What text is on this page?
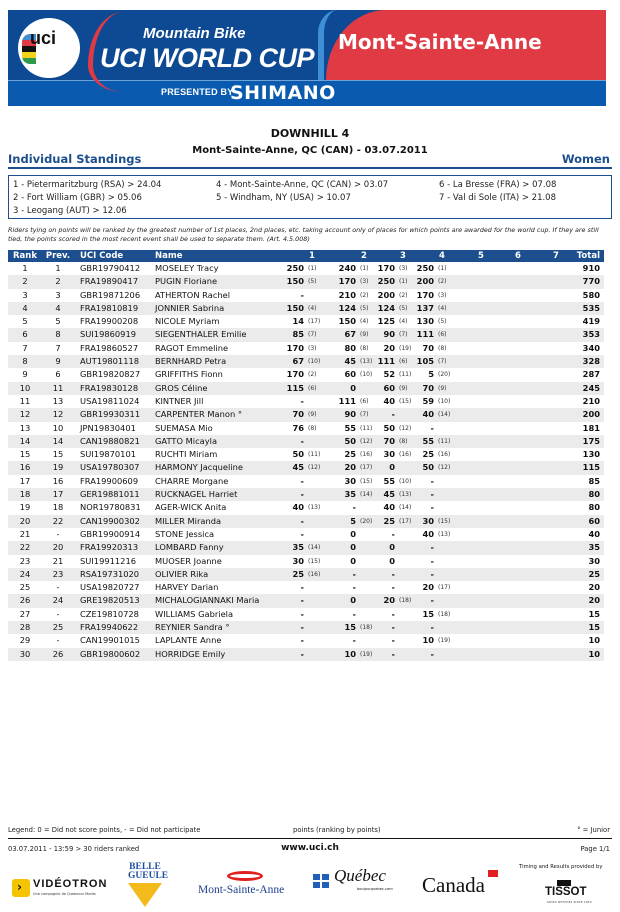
uci	Mountain Bike
UCI WORLD CUP
Mont-Sainte-Anne
PRESENTED BY
SHIMANO
DOWNHILL 4
Mont-Sainte-Anne, QC (CAN) - 03.07.2011
Individual Standings	Women
1 - Pietermaritzburg (RSA) > 24.04
2 - Fort William (GBR) > 05.06
3 - Leogang (AUT) > 12.06
4 - Mont-Sainte-Anne, QC (CAN) > 03.07
5 - Windham, NY (USA) > 10.07
6 - La Bresse (FRA) > 07.08
7 - Val di Sole (ITA) > 21.08
Riders tying on points will be ranked by the greatest number of 1st places, 2nd places, etc. taking account only of places for which points are awarded for the world cup. If they are still tied, the points scored in the most recent event shall be used to separate them. (Art. 4.5.008)
Rank	Prev.	UCI Code	Name	1	2	3	4	5	6	7	Total
1	1	GBR19790412 MOSELEY Tracy	250 (1)	240 (1)	170 (3)	250 (1)	910
2	2	FRA19890417 PUGIN Floriane	150 (5)	170 (3)	250 (1)	200 (2)	770
3	3	GBR19871206 ATHERTON Rachel	-	210 (2)	200 (2)	170 (3)	580
4	4	FRA19810819 JONNIER Sabrina	150 (4)	124 (5)	124 (5)	137 (4)	535
5	5	FRA19900208 NICOLE Myriam	14 (17)	150 (4)	125 (4)	130 (5)	419
6	8	SUI19860919 SIEGENTHALER Emilie	85 (7)	67 (9)	90 (7)	111 (6)	353
7	7	FRA19860527 RAGOT Emmeline	170 (3)	80 (8)	20 (19)	70 (8)	340
8	9	AUT19801118 BERNHARD Petra	67 (10)	45 (13) 111 (6)	105 (7)	328
9	6	GBR19820827 GRIFFITHS Fionn	170 (2)	60 (10)	52 (11)	5 (20)	287
10	11	FRA19830128 GROS Céline	115 (6)	0	60 (9)	70 (9)	245
11	13	USA19811024 KINTNER Jill	-	111 (6)	40 (15)	59 (10)	210
12	12	GBR19930311 CARPENTER Manon °	70 (9)	90 (7)	-	40 (14)	200
13	10	JPN19830401 SUEMASA Mio	76 (8)	55 (11)	50 (12)	-	181
14	14	CAN19880821 GATTO Micayla	-	50 (12)	70 (8)	55 (11)	175
15	15	SUI19870101 RUCHTI Miriam	50 (11)	25 (16)	30 (16)	25 (16)	130
16	19	USA19780307 HARMONY Jacqueline	45 (12)	20 (17)	0	50 (12)	115
17	16	FRA19900609 CHARRE Morgane	-	30 (15)	55 (10)	-	85
18	17	GER19881011 RUCKNAGEL Harriet	-	35 (14)	45 (13)	-	80
19	18	NOR19780831 AGER-WICK Anita	40 (13)	-	40 (14)	-	80
20	22	CAN19900302 MILLER Miranda	-	5 (20)	25 (17)	30 (15)	60
21	-	GBR19900914 STONE Jessica	-	0	-	40 (13)	40
22	20	FRA19920313 LOMBARD Fanny	35 (14)	0	0	-	35
23	21	SUI19911216 MUOSER Joanne	30 (15)	0	0	-	30
24	23	RSA19731020 OLIVIER Rika	25 (16)	-	-	-	25
25	-	USA19820727 HARVEY Darian	-	-	-	20 (17)	20
26	24	GRE19820513 MICHALOGIANNAKI Maria	-	0	20 (18)	-	20
27	-	CZE19810728 WILLIAMS Gabriela	-	-	-	15 (18)	15
28	25	FRA19940622 REYNIER Sandra °	-	15 (18)	-	-	15
29	-	CAN19901015 LAPLANTE Anne	-	-	-	10 (19)	10
30	26	GBR19800602 HORRIDGE Emily	-	10 (19)	-	-	10
Legend: 0 = Did not score points, - = Did not participate	points (ranking by points)	° = Junior
03.07.2011 - 13:59 > 30 riders ranked	www.uci.ch	Page 1/1
› VIDÉOTRON
Une compagnie de Quebecor Media
BELLE GUEULE
Mont-Sainte-Anne
Québec
bonjourquebec.com Canada
Timing and Results provided by
TISSOT
SWISS WATCHES SINCE 1853
